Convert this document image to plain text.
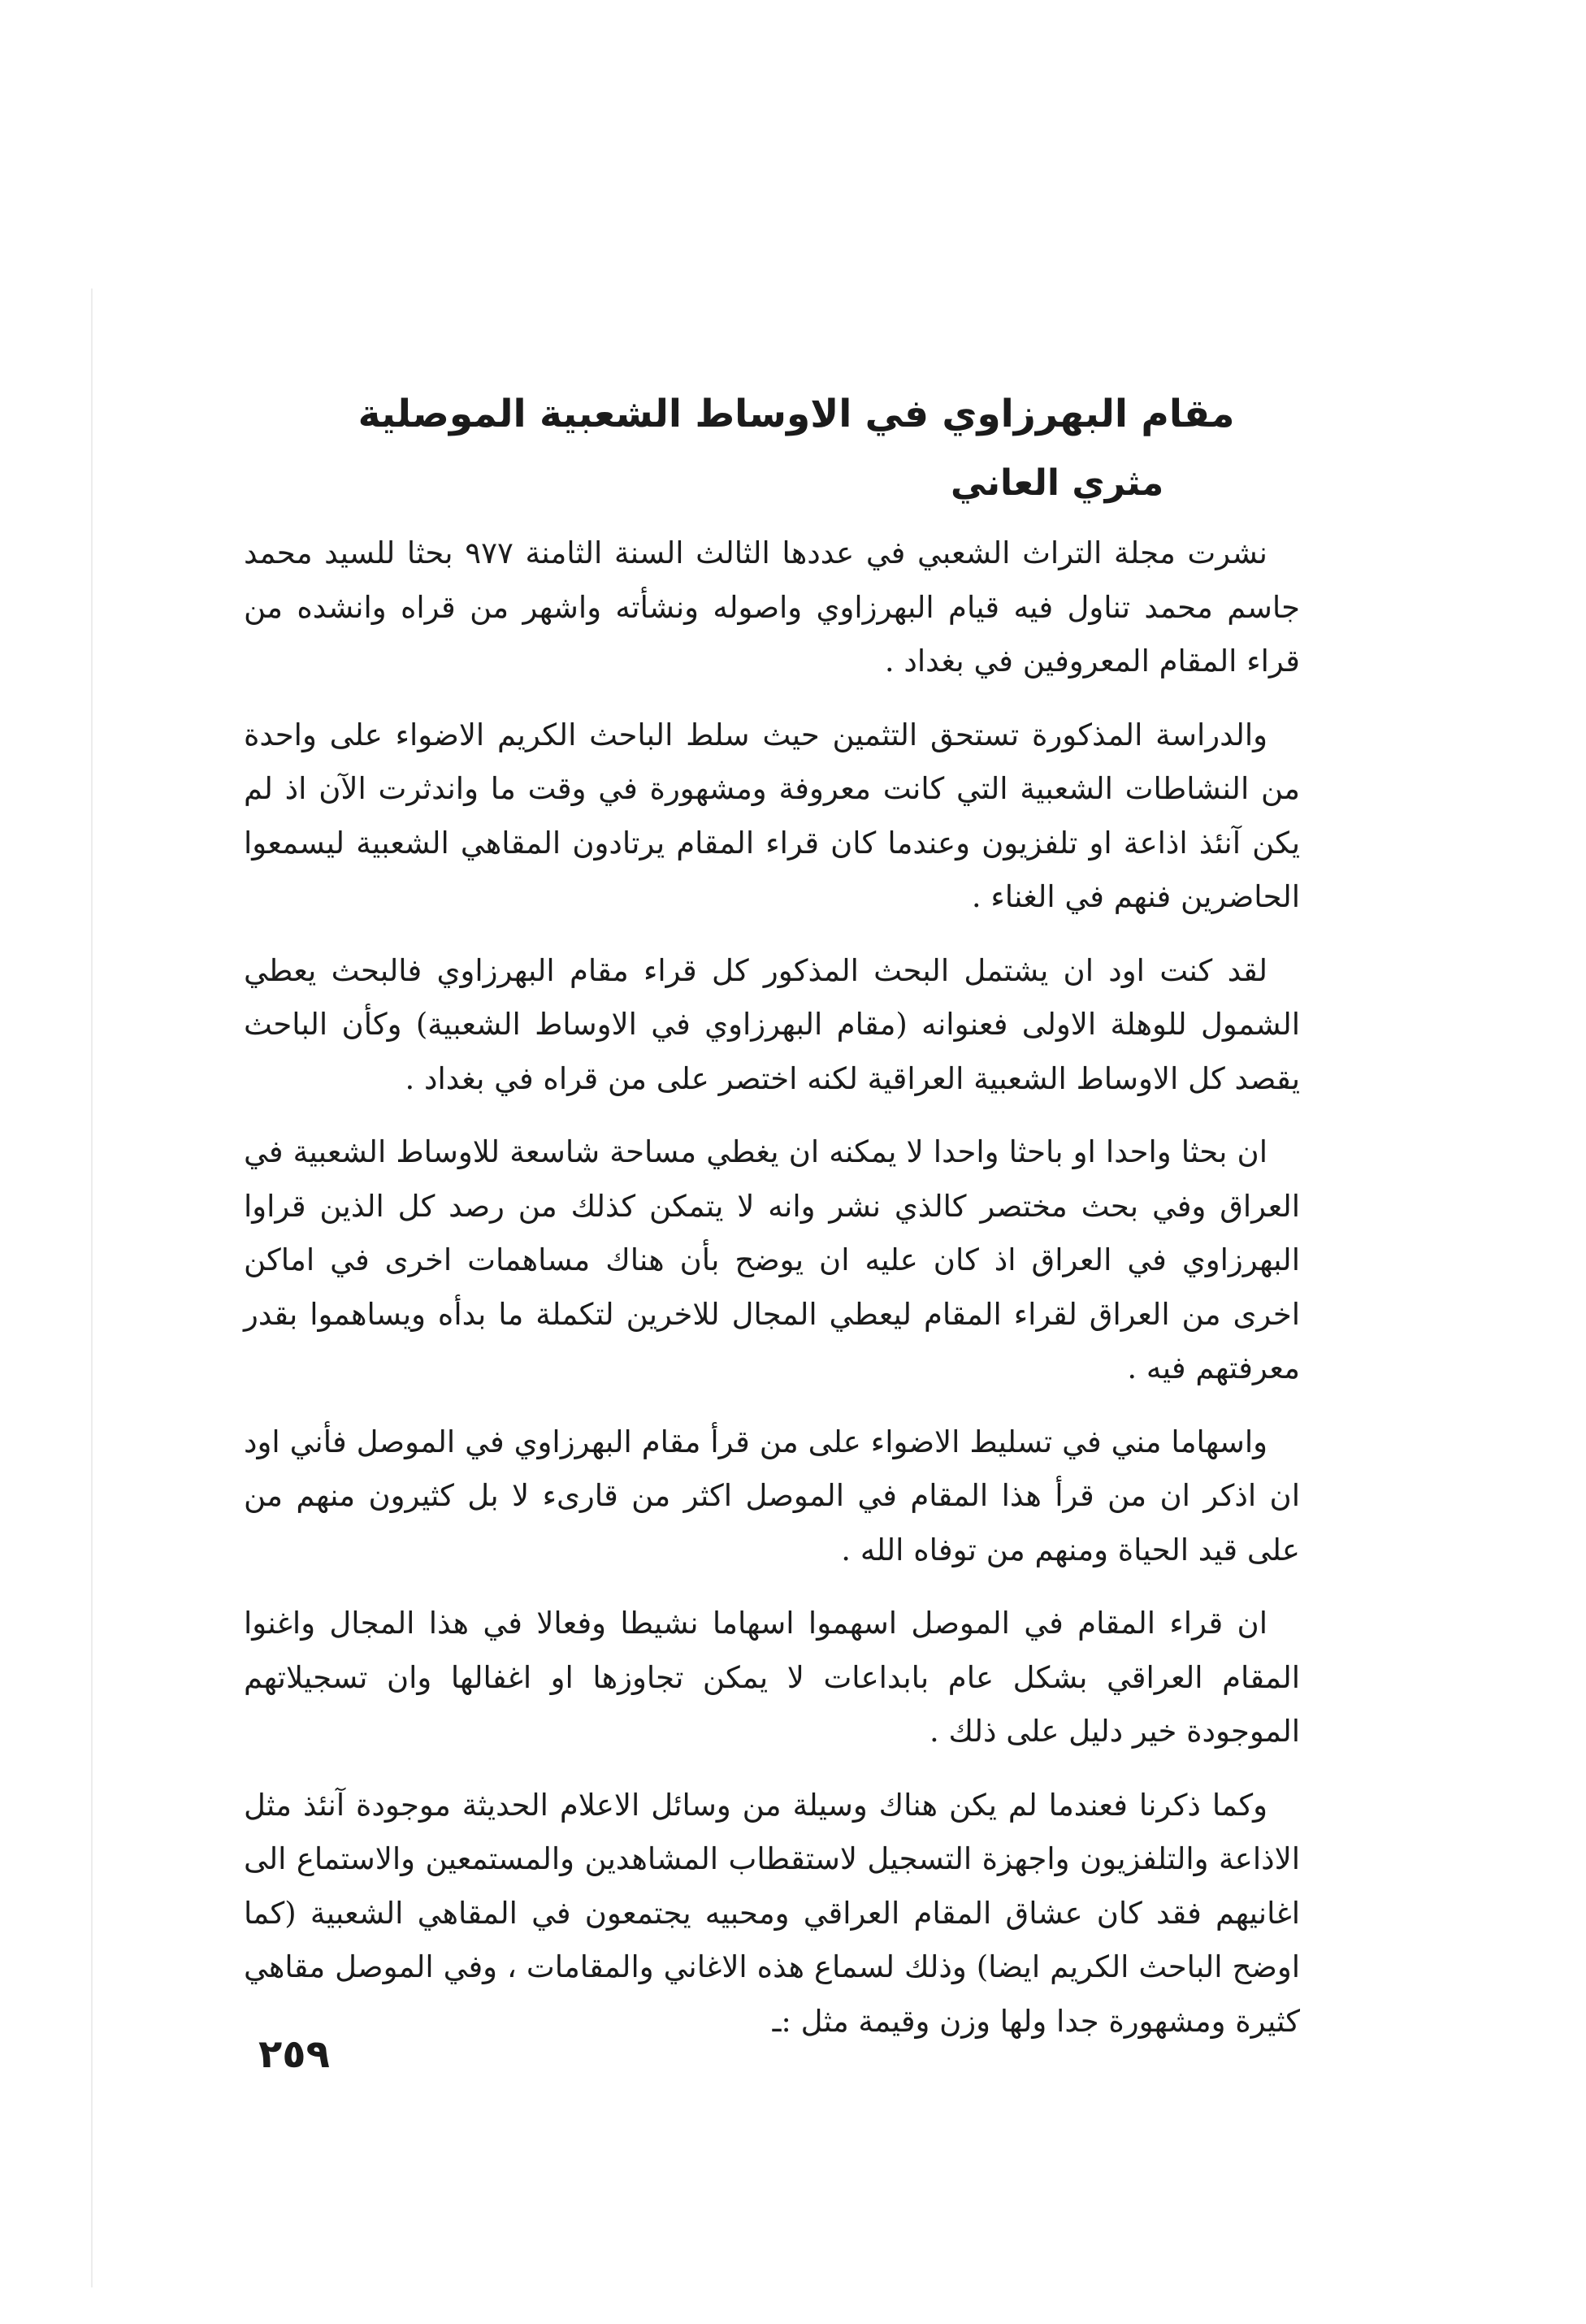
مقام البهرزاوي في الاوساط الشعبية الموصلية
مثري العاني

نشرت مجلة التراث الشعبي في عددها الثالث السنة الثامنة ٩٧٧ بحثا للسيد محمد جاسم محمد تناول فيه قيام البهرزاوي واصوله ونشأته واشهر من قراه وانشده من قراء المقام المعروفين في بغداد .

والدراسة المذكورة تستحق التثمين حيث سلط الباحث الكريم الاضواء على واحدة من النشاطات الشعبية التي كانت معروفة ومشهورة في وقت ما واندثرت الآن اذ لم يكن آنئذ اذاعة او تلفزيون وعندما كان قراء المقام يرتادون المقاهي الشعبية ليسمعوا الحاضرين فنهم في الغناء .

لقد كنت اود ان يشتمل البحث المذكور كل قراء مقام البهرزاوي فالبحث يعطي الشمول للوهلة الاولى فعنوانه (مقام البهرزاوي في الاوساط الشعبية) وكأن الباحث يقصد كل الاوساط الشعبية العراقية لكنه اختصر على من قراه في بغداد .

ان بحثا واحدا او باحثا واحدا لا يمكنه ان يغطي مساحة شاسعة للاوساط الشعبية في العراق وفي بحث مختصر كالذي نشر وانه لا يتمكن كذلك من رصد كل الذين قراوا البهرزاوي في العراق اذ كان عليه ان يوضح بأن هناك مساهمات اخرى في اماكن اخرى من العراق لقراء المقام ليعطي المجال للاخرين لتكملة ما بدأه ويساهموا بقدر معرفتهم فيه .

واسهاما مني في تسليط الاضواء على من قرأ مقام البهرزاوي في الموصل فأني اود ان اذكر ان من قرأ هذا المقام في الموصل اكثر من قارىء لا بل كثيرون منهم من على قيد الحياة ومنهم من توفاه الله .

ان قراء المقام في الموصل اسهموا اسهاما نشيطا وفعالا في هذا المجال واغنوا المقام العراقي بشكل عام بابداعات لا يمكن تجاوزها او اغفالها وان تسجيلاتهم الموجودة خير دليل على ذلك .

وكما ذكرنا فعندما لم يكن هناك وسيلة من وسائل الاعلام الحديثة موجودة آنئذ مثل الاذاعة والتلفزيون واجهزة التسجيل لاستقطاب المشاهدين والمستمعين والاستماع الى اغانيهم فقد كان عشاق المقام العراقي ومحبيه يجتمعون في المقاهي الشعبية (كما اوضح الباحث الكريم ايضا) وذلك لسماع هذه الاغاني والمقامات ، وفي الموصل مقاهي كثيرة ومشهورة جدا ولها وزن وقيمة مثل :ـ

٢٥٩
